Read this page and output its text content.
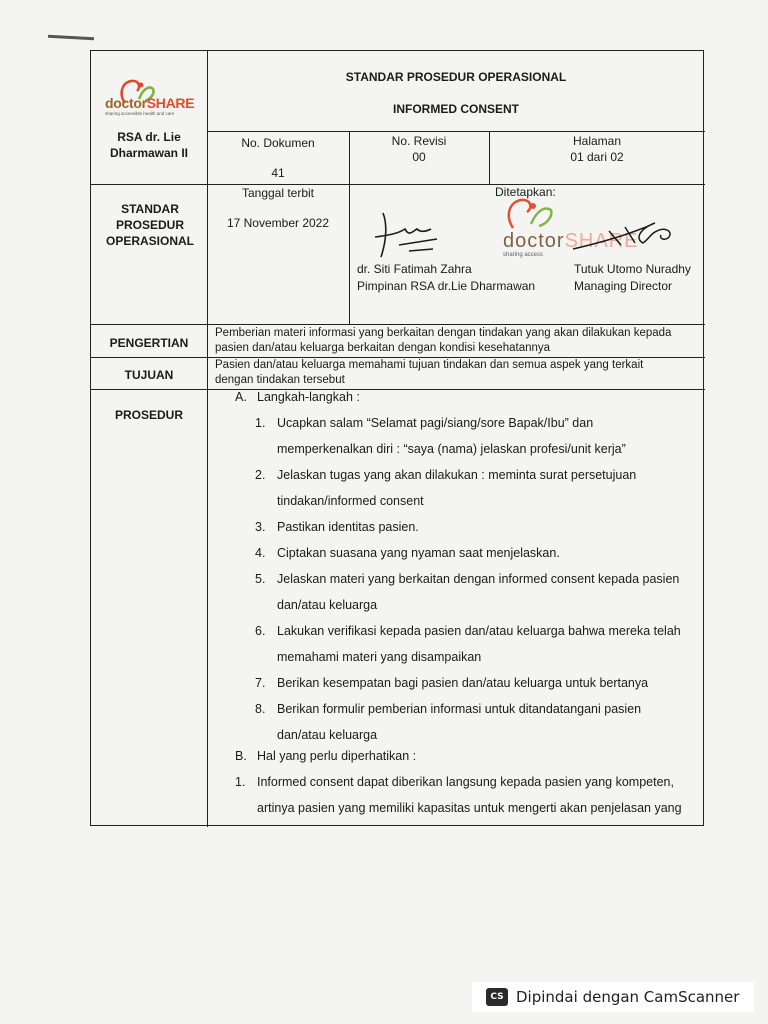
doctorSHARE
sharing accessible health and care
RSA dr. Lie Dharmawan II
STANDAR PROSEDUR OPERASIONAL
INFORMED CONSENT
No. Dokumen
41
No. Revisi
00
Halaman
01 dari 02
STANDAR PROSEDUR OPERASIONAL
Tanggal terbit
17 November 2022
Ditetapkan:
doctorSHARE
sharing access
dr. Siti Fatimah Zahra
Pimpinan RSA dr.Lie Dharmawan
Tutuk Utomo Nuradhy
Managing Director
PENGERTIAN
Pemberian materi informasi yang berkaitan dengan tindakan yang akan dilakukan kepada
pasien dan/atau keluarga berkaitan dengan kondisi kesehatannya
TUJUAN
Pasien dan/atau keluarga memahami tujuan tindakan dan semua aspek yang terkait
dengan tindakan tersebut
PROSEDUR
A. Langkah-langkah :
1. Ucapkan salam “Selamat pagi/siang/sore Bapak/Ibu” dan
memperkenalkan diri : “saya (nama) jelaskan profesi/unit kerja”
2. Jelaskan tugas yang akan dilakukan : meminta surat persetujuan
tindakan/informed consent
3. Pastikan identitas pasien.
4. Ciptakan suasana yang nyaman saat menjelaskan.
5. Jelaskan materi yang berkaitan dengan informed consent kepada pasien
dan/atau keluarga
6. Lakukan verifikasi kepada pasien dan/atau keluarga bahwa mereka telah
memahami materi yang disampaikan
7. Berikan kesempatan bagi pasien dan/atau keluarga untuk bertanya
8. Berikan formulir pemberian informasi untuk ditandatangani pasien
dan/atau keluarga
B. Hal yang perlu diperhatikan :
1. Informed consent dapat diberikan langsung kepada pasien yang kompeten,
artinya pasien yang memiliki kapasitas untuk mengerti akan penjelasan yang
CS Dipindai dengan CamScanner
